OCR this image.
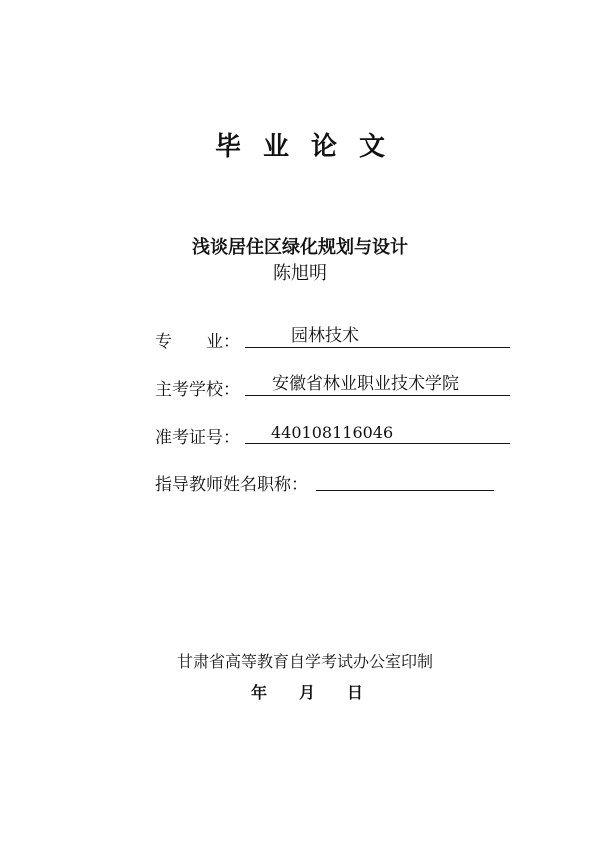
毕业论文
浅谈居住区绿化规划与设计
陈旭明
专 业：	园林技术
主考学校： 安徽省林业职业技术学院
准考证号： 440108116046
指导教师姓名职称：
甘肃省高等教育自学考试办公室印制
年 月 日
